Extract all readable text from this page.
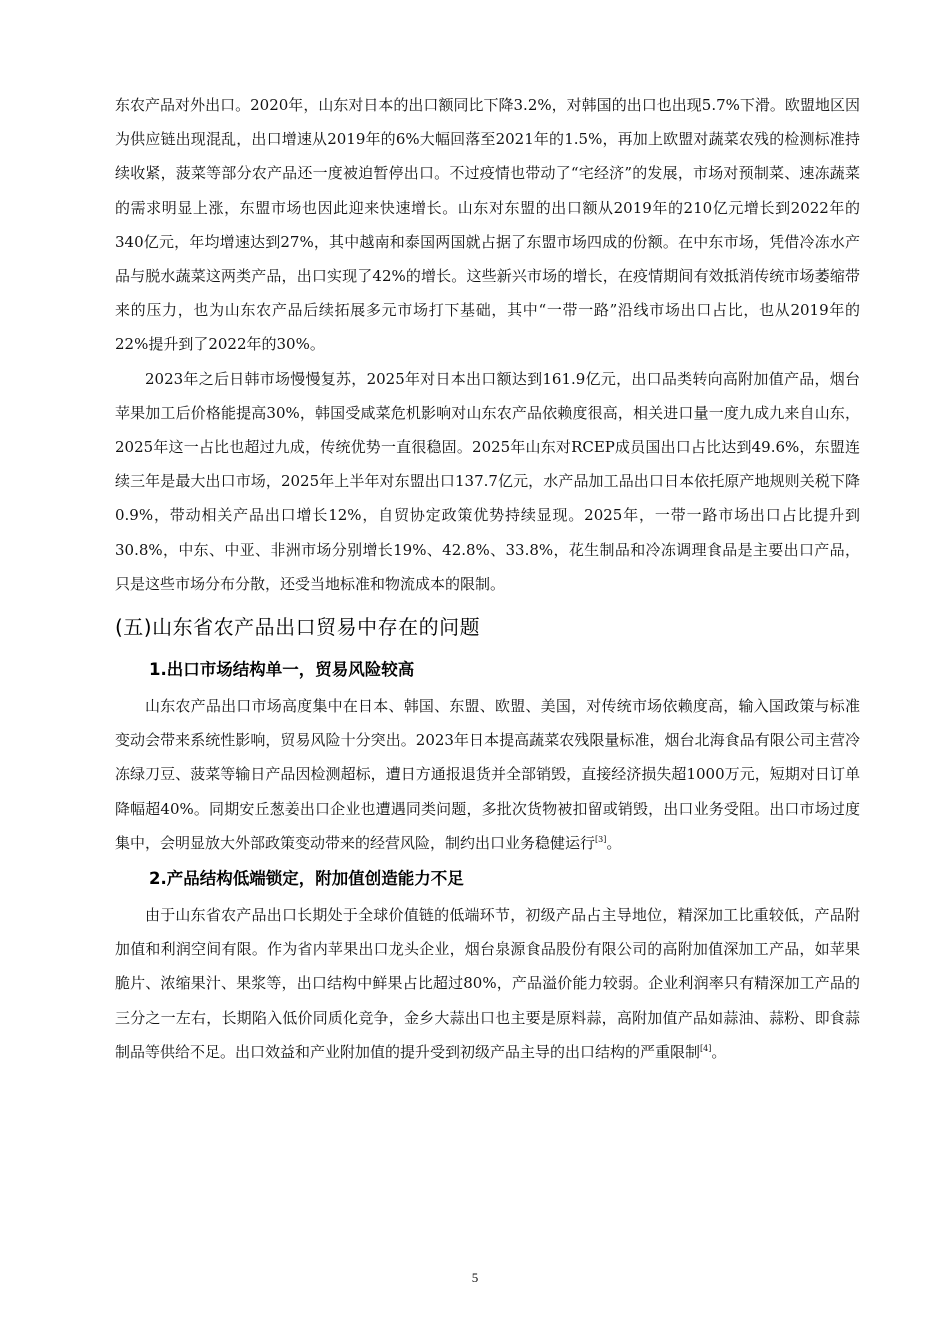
东农产品对外出口。2020年，山东对日本的出口额同比下降3.2%，对韩国的出口也出现5.7%下滑。欧盟地区因为供应链出现混乱，出口增速从2019年的6%大幅回落至2021年的1.5%，再加上欧盟对蔬菜农残的检测标准持续收紧，菠菜等部分农产品还一度被迫暂停出口。不过疫情也带动了“宅经济”的发展，市场对预制菜、速冻蔬菜的需求明显上涨，东盟市场也因此迎来快速增长。山东对东盟的出口额从2019年的210亿元增长到2022年的340亿元，年均增速达到27%，其中越南和泰国两国就占据了东盟市场四成的份额。在中东市场，凭借冷冻水产品与脱水蔬菜这两类产品，出口实现了42%的增长。这些新兴市场的增长，在疫情期间有效抵消传统市场萎缩带来的压力，也为山东农产品后续拓展多元市场打下基础，其中“一带一路”沿线市场出口占比，也从2019年的22%提升到了2022年的30%。

2023年之后日韩市场慢慢复苏，2025年对日本出口额达到161.9亿元，出口品类转向高附加值产品，烟台苹果加工后价格能提高30%，韩国受咸菜危机影响对山东农产品依赖度很高，相关进口量一度九成九来自山东，2025年这一占比也超过九成，传统优势一直很稳固。2025年山东对RCEP成员国出口占比达到49.6%，东盟连续三年是最大出口市场，2025年上半年对东盟出口137.7亿元，水产品加工品出口日本依托原产地规则关税下降0.9%，带动相关产品出口增长12%，自贸协定政策优势持续显现。2025年，一带一路市场出口占比提升到30.8%，中东、中亚、非洲市场分别增长19%、42.8%、33.8%，花生制品和冷冻调理食品是主要出口产品，只是这些市场分布分散，还受当地标准和物流成本的限制。

(五)山东省农产品出口贸易中存在的问题
1.出口市场结构单一，贸易风险较高

山东农产品出口市场高度集中在日本、韩国、东盟、欧盟、美国，对传统市场依赖度高，输入国政策与标准变动会带来系统性影响，贸易风险十分突出。2023年日本提高蔬菜农残限量标准，烟台北海食品有限公司主营冷冻绿刀豆、菠菜等输日产品因检测超标，遭日方通报退货并全部销毁，直接经济损失超1000万元，短期对日订单降幅超40%。同期安丘葱姜出口企业也遭遇同类问题，多批次货物被扣留或销毁，出口业务受阻。出口市场过度集中，会明显放大外部政策变动带来的经营风险，制约出口业务稳健运行[3]。

2.产品结构低端锁定，附加值创造能力不足

由于山东省农产品出口长期处于全球价值链的低端环节，初级产品占主导地位，精深加工比重较低，产品附加值和利润空间有限。作为省内苹果出口龙头企业，烟台泉源食品股份有限公司的高附加值深加工产品，如苹果脆片、浓缩果汁、果浆等，出口结构中鲜果占比超过80%，产品溢价能力较弱。企业利润率只有精深加工产品的三分之一左右，长期陷入低价同质化竞争，金乡大蒜出口也主要是原料蒜，高附加值产品如蒜油、蒜粉、即食蒜制品等供给不足。出口效益和产业附加值的提升受到初级产品主导的出口结构的严重限制[4]。

5
